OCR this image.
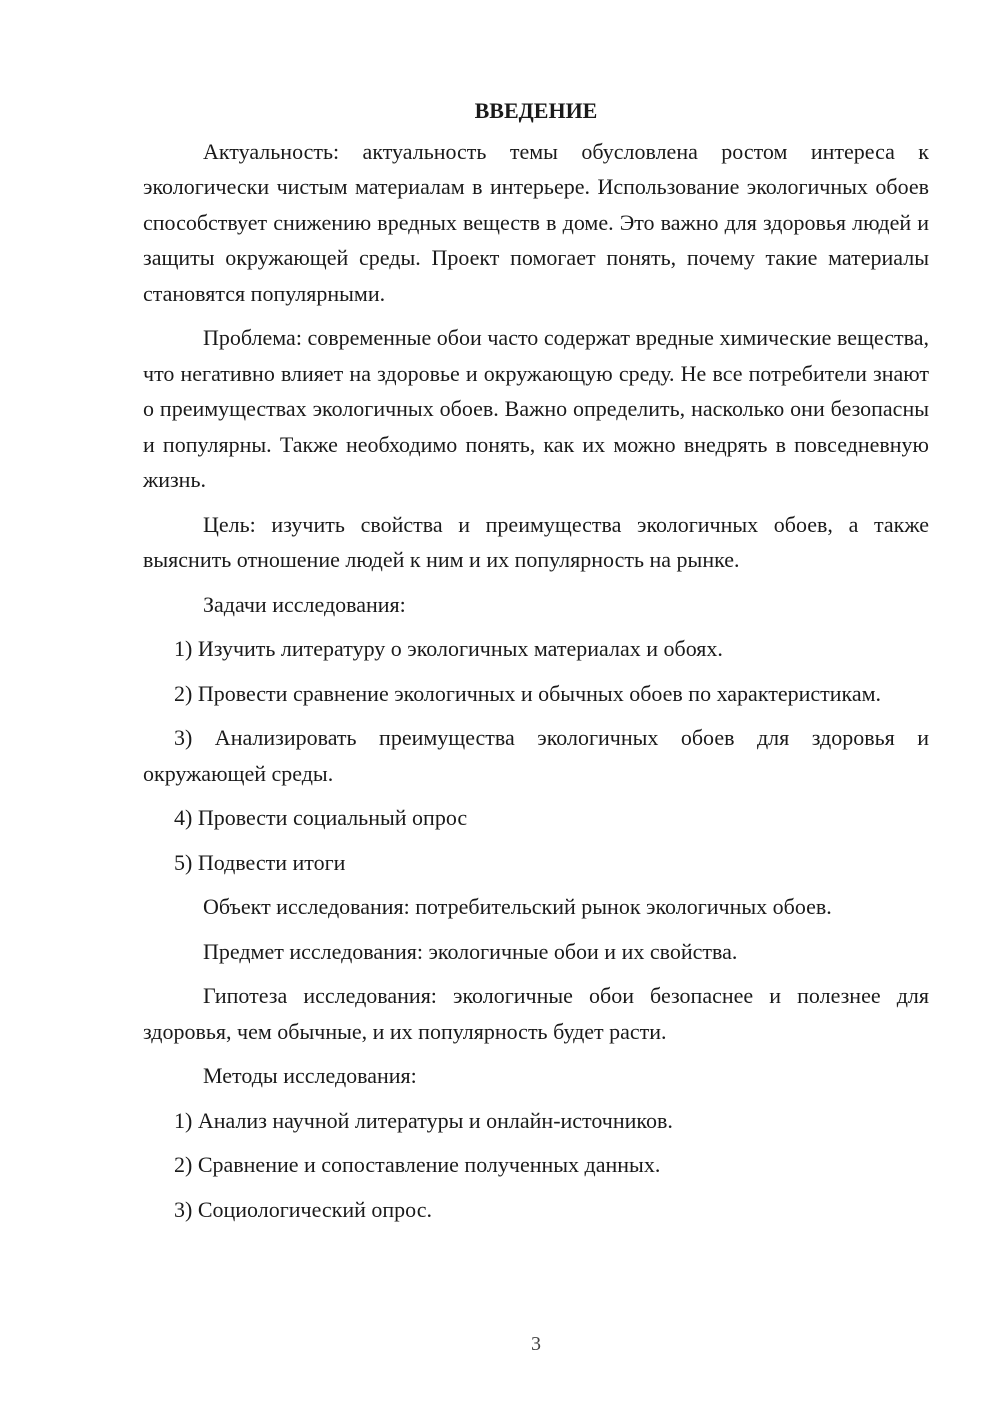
ВВЕДЕНИЕ

Актуальность: актуальность темы обусловлена ростом интереса к экологически чистым материалам в интерьере. Использование экологичных обоев способствует снижению вредных веществ в доме. Это важно для здоровья людей и защиты окружающей среды. Проект помогает понять, почему такие материалы становятся популярными.

Проблема: современные обои часто содержат вредные химические вещества, что негативно влияет на здоровье и окружающую среду. Не все потребители знают о преимуществах экологичных обоев. Важно определить, насколько они безопасны и популярны. Также необходимо понять, как их можно внедрять в повседневную жизнь.

Цель: изучить свойства и преимущества экологичных обоев, а также выяснить отношение людей к ним и их популярность на рынке.

Задачи исследования:

1) Изучить литературу о экологичных материалах и обоях.

2) Провести сравнение экологичных и обычных обоев по характеристикам.

3) Анализировать преимущества экологичных обоев для здоровья и окружающей среды.

4) Провести социальный опрос

5) Подвести итоги

Объект исследования: потребительский рынок экологичных обоев.

Предмет исследования: экологичные обои и их свойства.

Гипотеза исследования: экологичные обои безопаснее и полезнее для здоровья, чем обычные, и их популярность будет расти.

Методы исследования:

1) Анализ научной литературы и онлайн-источников.

2) Сравнение и сопоставление полученных данных.

3) Социологический опрос.

3
